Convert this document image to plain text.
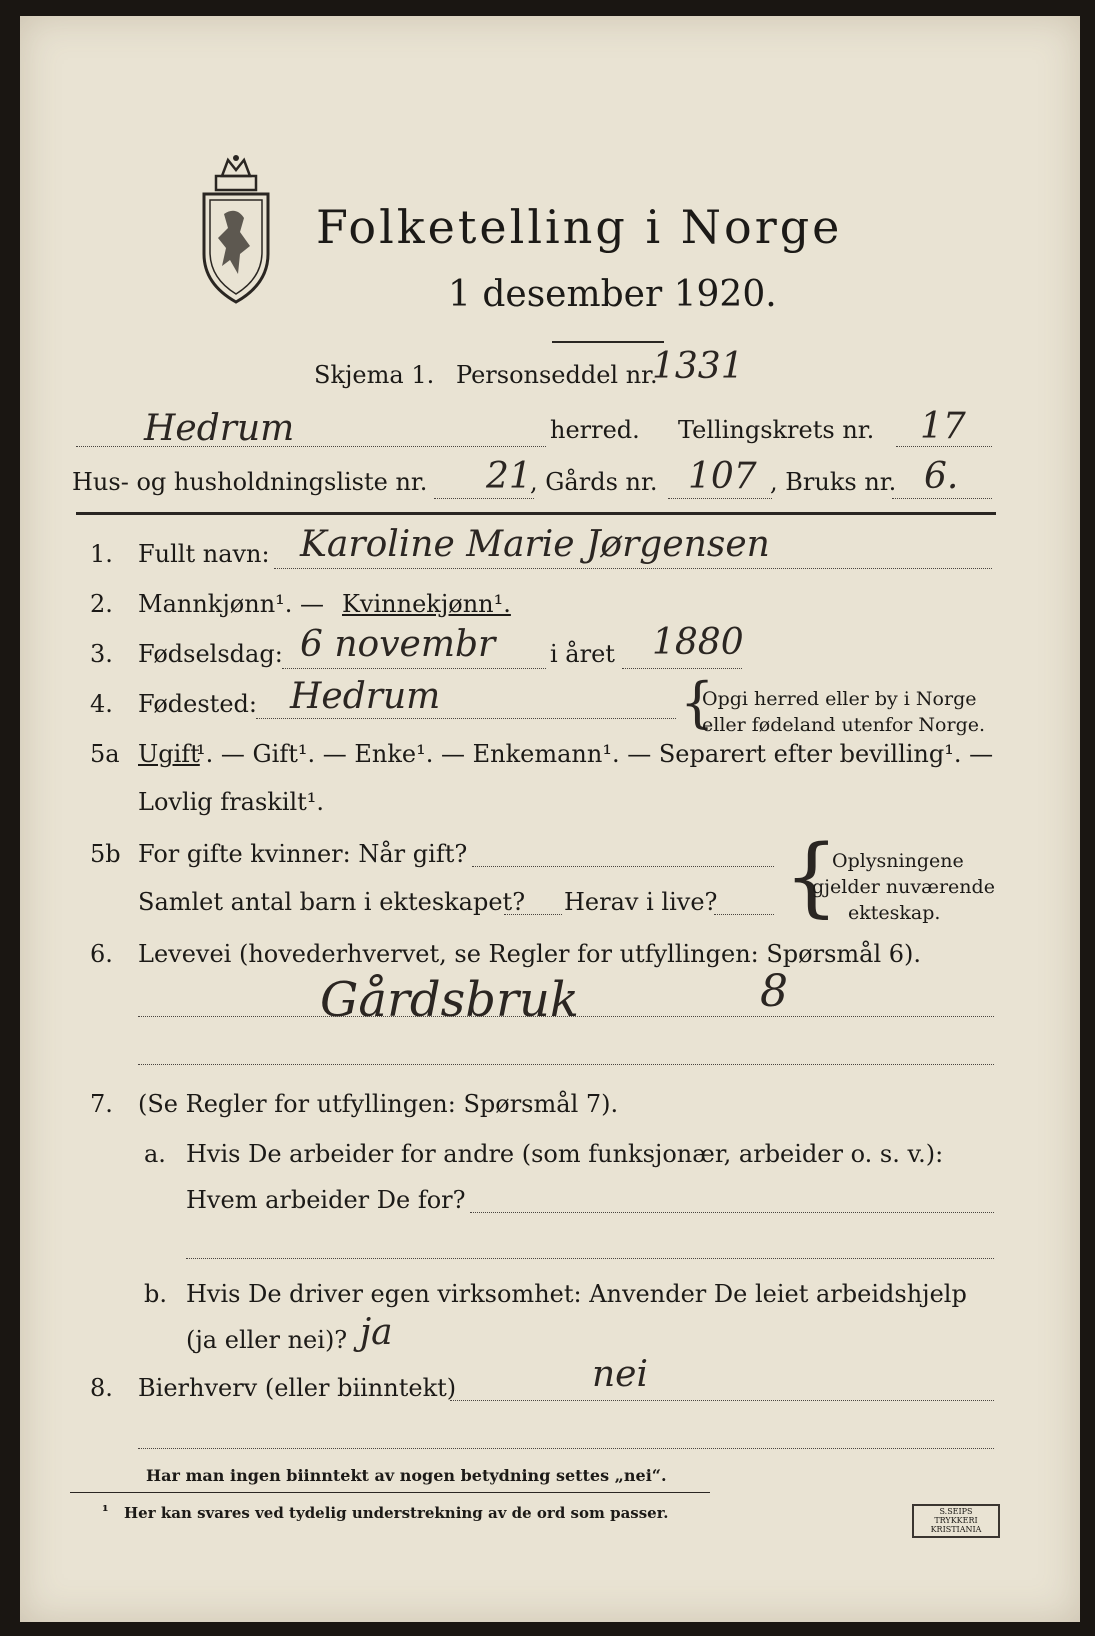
Folketelling i Norge
1 desember 1920.
Skjema 1. Personseddel nr.
1331
Hedrum	herred. Tellingskrets nr. 17
Hus- og husholdningsliste nr. 21
, Gårds nr. 107 , Bruks nr. 6.
1. Fullt navn: Karoline Marie Jørgensen
2. Mannkjønn¹. — Kvinnekjønn¹.
3. Fødselsdag: 6 novembr i året 1880
4. Fødested: Hedrum	{
Opgi herred eller by i Norge
eller fødeland utenfor Norge.
5a Ugift
¹. — Gift¹. — Enke¹. — Enkemann¹. — Separert efter bevilling¹. —
Lovlig fraskilt¹.
5b For gifte kvinner: Når gift?
Samlet antal barn i ekteskapet? Herav i live? {
Oplysningene
gjelder nuværende
ekteskap.
6. Levevei (hovederhvervet, se Regler for utfyllingen: Spørsmål 6).
Gårdsbruk	8
7. (Se Regler for utfyllingen: Spørsmål 7).
a. Hvis De arbeider for andre (som funksjonær, arbeider o. s. v.):
Hvem arbeider De for?
b. Hvis De driver egen virksomhet: Anvender De leiet arbeidshjelp
(ja eller nei)? ja
8. Bierhverv (eller biinntekt)	nei
Har man ingen biinntekt av nogen betydning settes „nei“.
¹ Her kan svares ved tydelig understrekning av de ord som passer.	S.SEIPS TRYKKERI KRISTIANIA
